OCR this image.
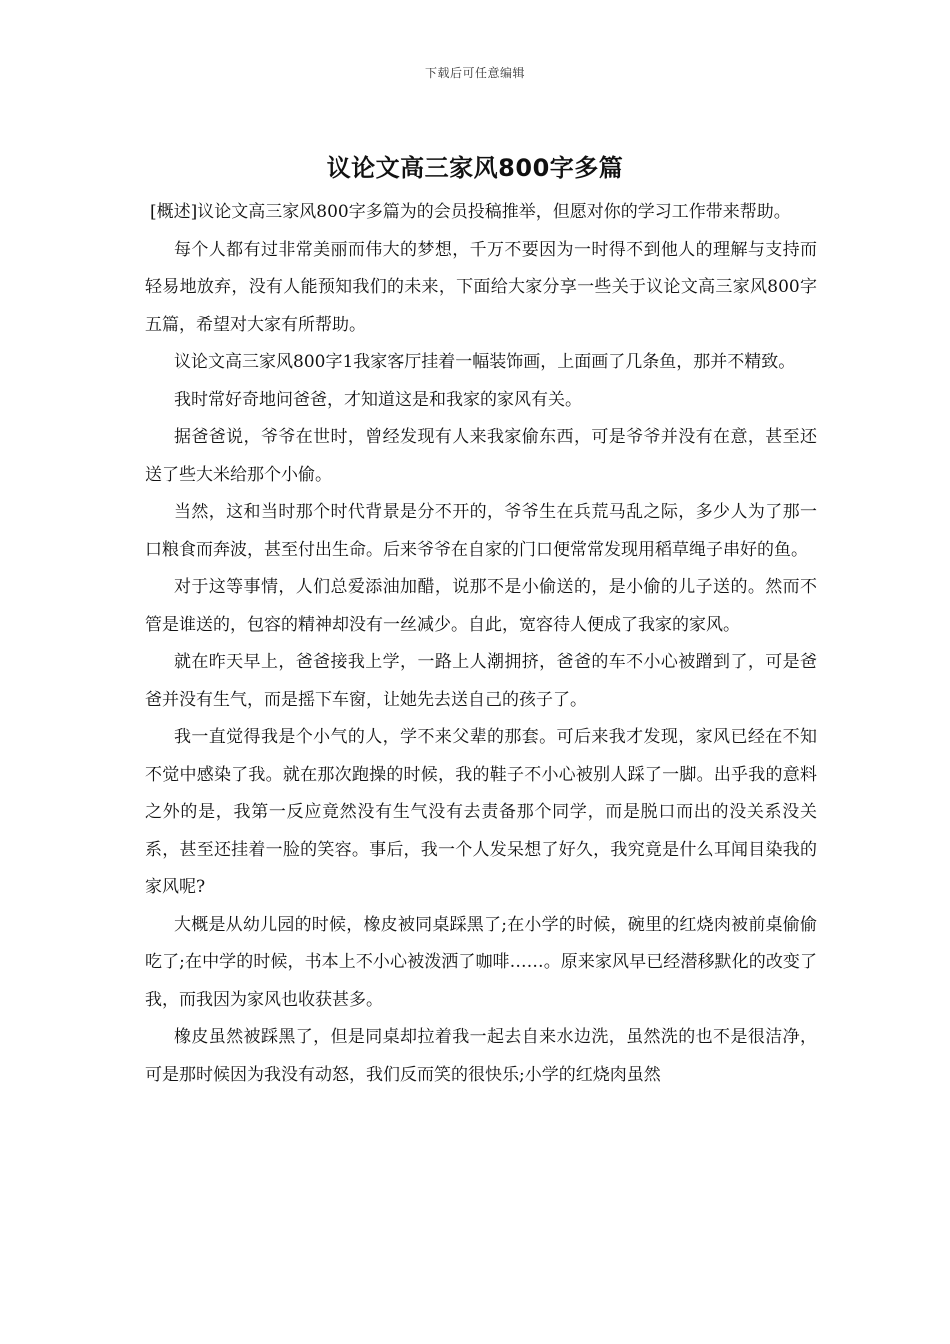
下载后可任意编辑
议论文高三家风800字多篇

[概述]议论文高三家风800字多篇为的会员投稿推举，但愿对你的学习工作带来帮助。

每个人都有过非常美丽而伟大的梦想，千万不要因为一时得不到他人的理解与支持而轻易地放弃，没有人能预知我们的未来，下面给大家分享一些关于议论文高三家风800字五篇，希望对大家有所帮助。

议论文高三家风800字1我家客厅挂着一幅装饰画，上面画了几条鱼，那并不精致。

我时常好奇地问爸爸，才知道这是和我家的家风有关。

据爸爸说，爷爷在世时，曾经发现有人来我家偷东西，可是爷爷并没有在意，甚至还送了些大米给那个小偷。

当然，这和当时那个时代背景是分不开的，爷爷生在兵荒马乱之际，多少人为了那一口粮食而奔波，甚至付出生命。后来爷爷在自家的门口便常常发现用稻草绳子串好的鱼。

对于这等事情，人们总爱添油加醋，说那不是小偷送的，是小偷的儿子送的。然而不管是谁送的，包容的精神却没有一丝减少。自此，宽容待人便成了我家的家风。

就在昨天早上，爸爸接我上学，一路上人潮拥挤，爸爸的车不小心被蹭到了，可是爸爸并没有生气，而是摇下车窗，让她先去送自己的孩子了。

我一直觉得我是个小气的人，学不来父辈的那套。可后来我才发现，家风已经在不知不觉中感染了我。就在那次跑操的时候，我的鞋子不小心被别人踩了一脚。出乎我的意料之外的是，我第一反应竟然没有生气没有去责备那个同学，而是脱口而出的没关系没关系，甚至还挂着一脸的笑容。事后，我一个人发呆想了好久，我究竟是什么耳闻目染我的家风呢?

大概是从幼儿园的时候，橡皮被同桌踩黑了;在小学的时候，碗里的红烧肉被前桌偷偷吃了;在中学的时候，书本上不小心被泼洒了咖啡……。原来家风早已经潜移默化的改变了我，而我因为家风也收获甚多。

橡皮虽然被踩黑了，但是同桌却拉着我一起去自来水边洗，虽然洗的也不是很洁净，可是那时候因为我没有动怒，我们反而笑的很快乐;小学的红烧肉虽然
